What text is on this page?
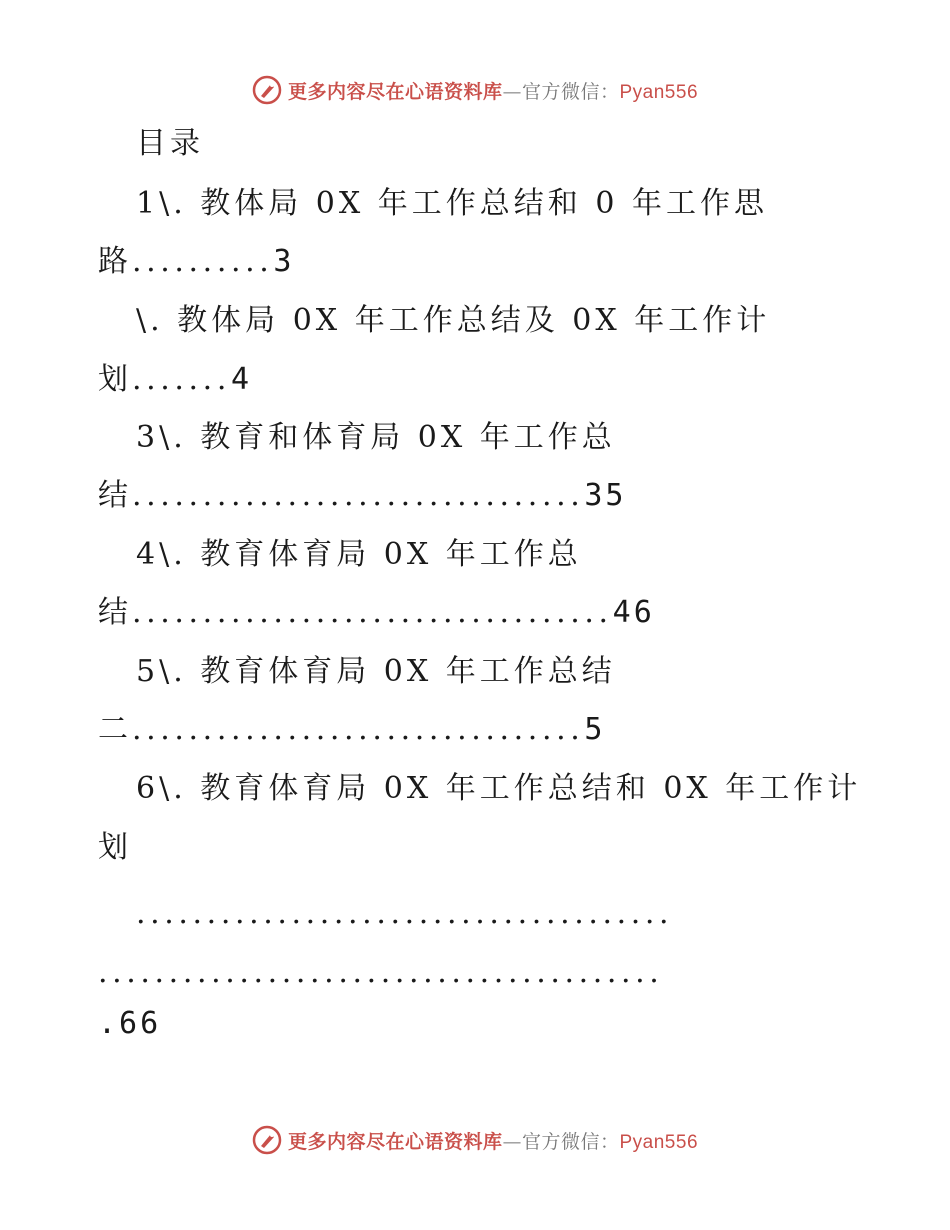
更多内容尽在心语资料库—官方微信：Pyan556
目录
1\. 教体局 0X 年工作总结和 0 年工作思
路..........3
\. 教体局 0X 年工作总结及 0X 年工作计
划.......4
3\. 教育和体育局 0X 年工作总
结................................35
4\. 教育体育局 0X 年工作总
结..................................46
5\. 教育体育局 0X 年工作总结
二................................5
6\. 教育体育局 0X 年工作总结和 0X 年工作计
划
......................................
........................................
.66
更多内容尽在心语资料库—官方微信：Pyan556
